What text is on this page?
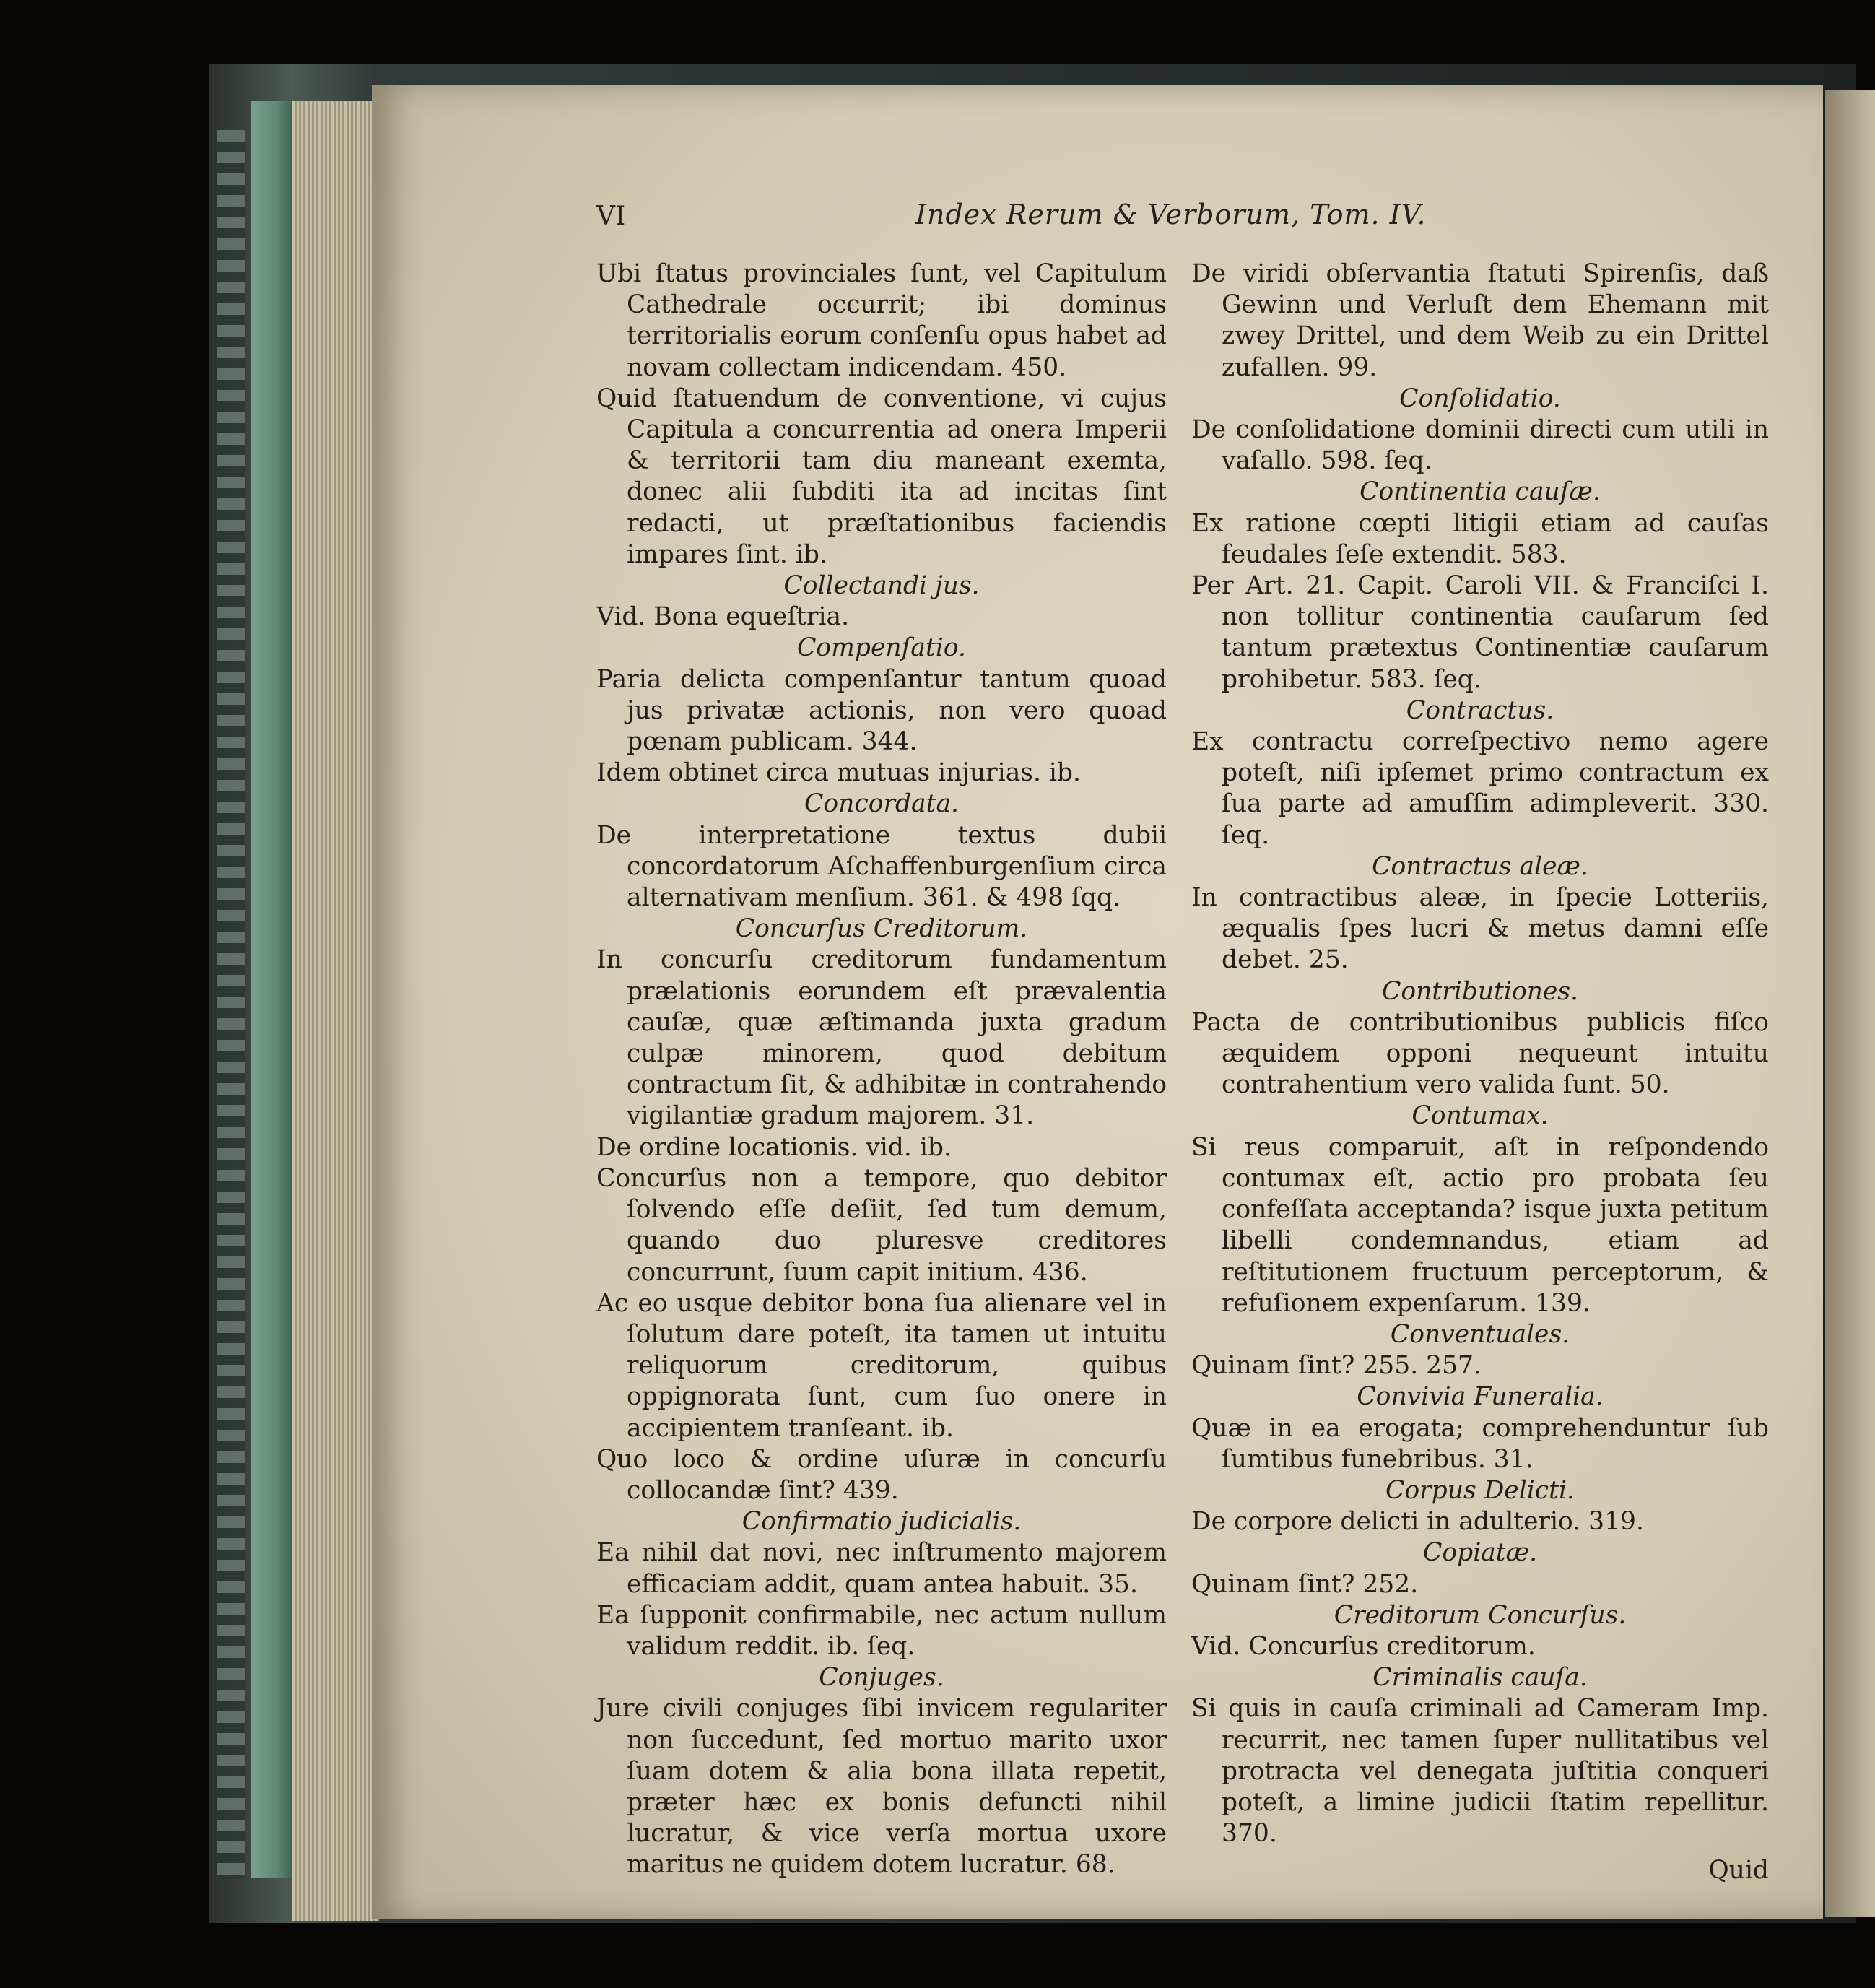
VI	Index Rerum & Verborum, Tom. IV.

Ubi ſtatus provinciales ſunt, vel Capitulum Cathedrale occurrit; ibi dominus territorialis eorum conſenſu opus habet ad novam collectam indicendam. 450.

Quid ſtatuendum de conventione, vi cujus Capitula a concurrentia ad onera Imperii & territorii tam diu maneant exemta, donec alii ſubditi ita ad incitas ſint redacti, ut præſtationibus faciendis impares ſint. ib.

Collectandi jus.

Vid. Bona equeſtria.

Compenſatio.

Paria delicta compenſantur tantum quoad jus privatæ actionis, non vero quoad pœnam publicam. 344.

Idem obtinet circa mutuas injurias. ib.

Concordata.

De interpretatione textus dubii concordatorum Aſchaffenburgenſium circa alternativam menſium. 361. & 498 ſqq.

Concurſus Creditorum.

In concurſu creditorum fundamentum prælationis eorundem eſt prævalentia cauſæ, quæ æſtimanda juxta gradum culpæ minorem, quod debitum contractum ſit, & adhibitæ in contrahendo vigilantiæ gradum majorem. 31.

De ordine locationis. vid. ib.

Concurſus non a tempore, quo debitor ſolvendo eſſe deſiit, ſed tum demum, quando duo pluresve creditores concurrunt, ſuum capit initium. 436.

Ac eo usque debitor bona ſua alienare vel in ſolutum dare poteſt, ita tamen ut intuitu reliquorum creditorum, quibus oppignorata ſunt, cum ſuo onere in accipientem tranſeant. ib.

Quo loco & ordine uſuræ in concurſu collocandæ ſint? 439.

Confirmatio judicialis.

Ea nihil dat novi, nec inſtrumento majorem efficaciam addit, quam antea habuit. 35.

Ea ſupponit confirmabile, nec actum nullum validum reddit. ib. ſeq.

Conjuges.

Jure civili conjuges ſibi invicem regulariter non ſuccedunt, ſed mortuo marito uxor ſuam dotem & alia bona illata repetit, præter hæc ex bonis defuncti nihil lucratur, & vice verſa mortua uxore maritus ne quidem dotem lucratur. 68.

De viridi obſervantia ſtatuti Spirenſis, daß Gewinn und Verluſt dem Ehemann mit zwey Drittel, und dem Weib zu ein Drittel zufallen. 99.

Conſolidatio.

De conſolidatione dominii directi cum utili in vaſallo. 598. ſeq.

Continentia cauſæ.

Ex ratione cœpti litigii etiam ad cauſas feudales ſeſe extendit. 583.

Per Art. 21. Capit. Caroli VII. & Franciſci I. non tollitur continentia cauſarum ſed tantum prætextus Continentiæ cauſarum prohibetur. 583. ſeq.

Contractus.

Ex contractu correſpectivo nemo agere poteſt, niſi ipſemet primo contractum ex ſua parte ad amuſſim adimpleverit. 330. ſeq.

Contractus aleæ.

In contractibus aleæ, in ſpecie Lotteriis, æqualis ſpes lucri & metus damni eſſe debet. 25.

Contributiones.

Pacta de contributionibus publicis fiſco æquidem opponi nequeunt intuitu contrahentium vero valida ſunt. 50.

Contumax.

Si reus comparuit, aſt in reſpondendo contumax eſt, actio pro probata ſeu confeſſata acceptanda? isque juxta petitum libelli condemnandus, etiam ad reſtitutionem fructuum perceptorum, & refuſionem expenſarum. 139.

Conventuales.

Quinam ſint? 255. 257.

Convivia Funeralia.

Quæ in ea erogata; comprehenduntur ſub ſumtibus funebribus. 31.

Corpus Delicti.

De corpore delicti in adulterio. 319.

Copiatæ.

Quinam ſint? 252.

Creditorum Concurſus.

Vid. Concurſus creditorum.

Criminalis cauſa.

Si quis in cauſa criminali ad Cameram Imp. recurrit, nec tamen ſuper nullitatibus vel protracta vel denegata juſtitia conqueri poteſt, a limine judicii ſtatim repellitur. 370.

Quid
